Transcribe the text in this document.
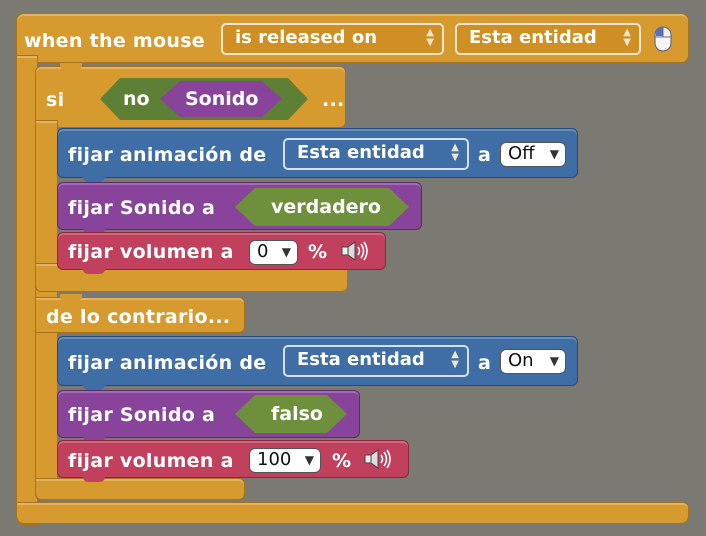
when the mouse	is released on	▲
▼	Esta entidad	▲
▼
si	no Sonido	...
de lo contrario...
fijar animación de	Esta entidad	▲
▼ a Off ▼
fijar Sonido a	verdadero
fijar volumen a	0 ▼ %
fijar animación de	Esta entidad	▲
▼ a On ▼
fijar Sonido a	falso
fijar volumen a	100 ▼ %
